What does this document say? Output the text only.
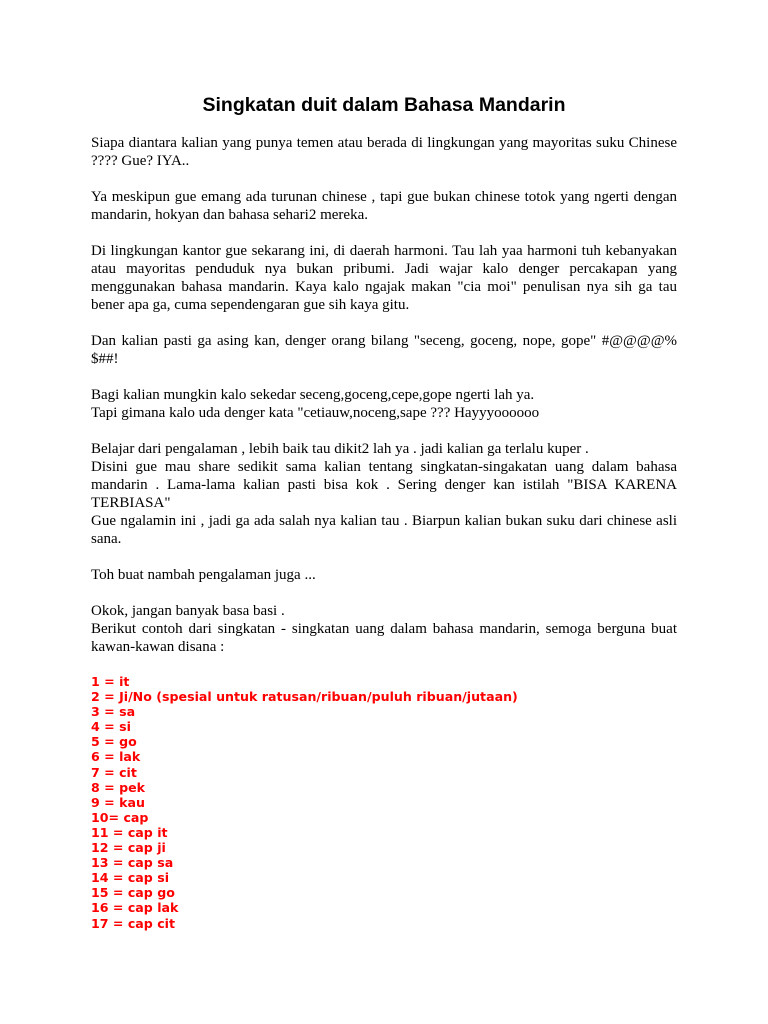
Singkatan duit dalam Bahasa Mandarin

Siapa diantara kalian yang punya temen atau berada di lingkungan yang mayoritas suku Chinese ???? Gue? IYA..

Ya meskipun gue emang ada turunan chinese , tapi gue bukan chinese totok yang ngerti dengan mandarin, hokyan dan bahasa sehari2 mereka.

Di lingkungan kantor gue sekarang ini, di daerah harmoni. Tau lah yaa harmoni tuh kebanyakan atau mayoritas penduduk nya bukan pribumi. Jadi wajar kalo denger percakapan yang menggunakan bahasa mandarin. Kaya kalo ngajak makan "cia moi" penulisan nya sih ga tau bener apa ga, cuma sependengaran gue sih kaya gitu.

Dan kalian pasti ga asing kan, denger orang bilang "seceng, goceng, nope, gope" #@@@@% $##!

Bagi kalian mungkin kalo sekedar seceng,goceng,cepe,gope ngerti lah ya.
Tapi gimana kalo uda denger kata "cetiauw,noceng,sape ??? Hayyyoooooo

Belajar dari pengalaman , lebih baik tau dikit2 lah ya . jadi kalian ga terlalu kuper .
Disini gue mau share sedikit sama kalian tentang singkatan-singakatan uang dalam bahasa mandarin . Lama-lama kalian pasti bisa kok . Sering denger kan istilah "BISA KARENA TERBIASA"
Gue ngalamin ini , jadi ga ada salah nya kalian tau . Biarpun kalian bukan suku dari chinese asli sana.

Toh buat nambah pengalaman juga ...

Okok, jangan banyak basa basi .
Berikut contoh dari singkatan - singkatan uang dalam bahasa mandarin, semoga berguna buat kawan-kawan disana :

1 = it
2 = Ji/No (spesial untuk ratusan/ribuan/puluh ribuan/jutaan)
3 = sa
4 = si
5 = go
6 = lak
7 = cit
8 = pek
9 = kau
10= cap
11 = cap it
12 = cap ji
13 = cap sa
14 = cap si
15 = cap go
16 = cap lak
17 = cap cit
